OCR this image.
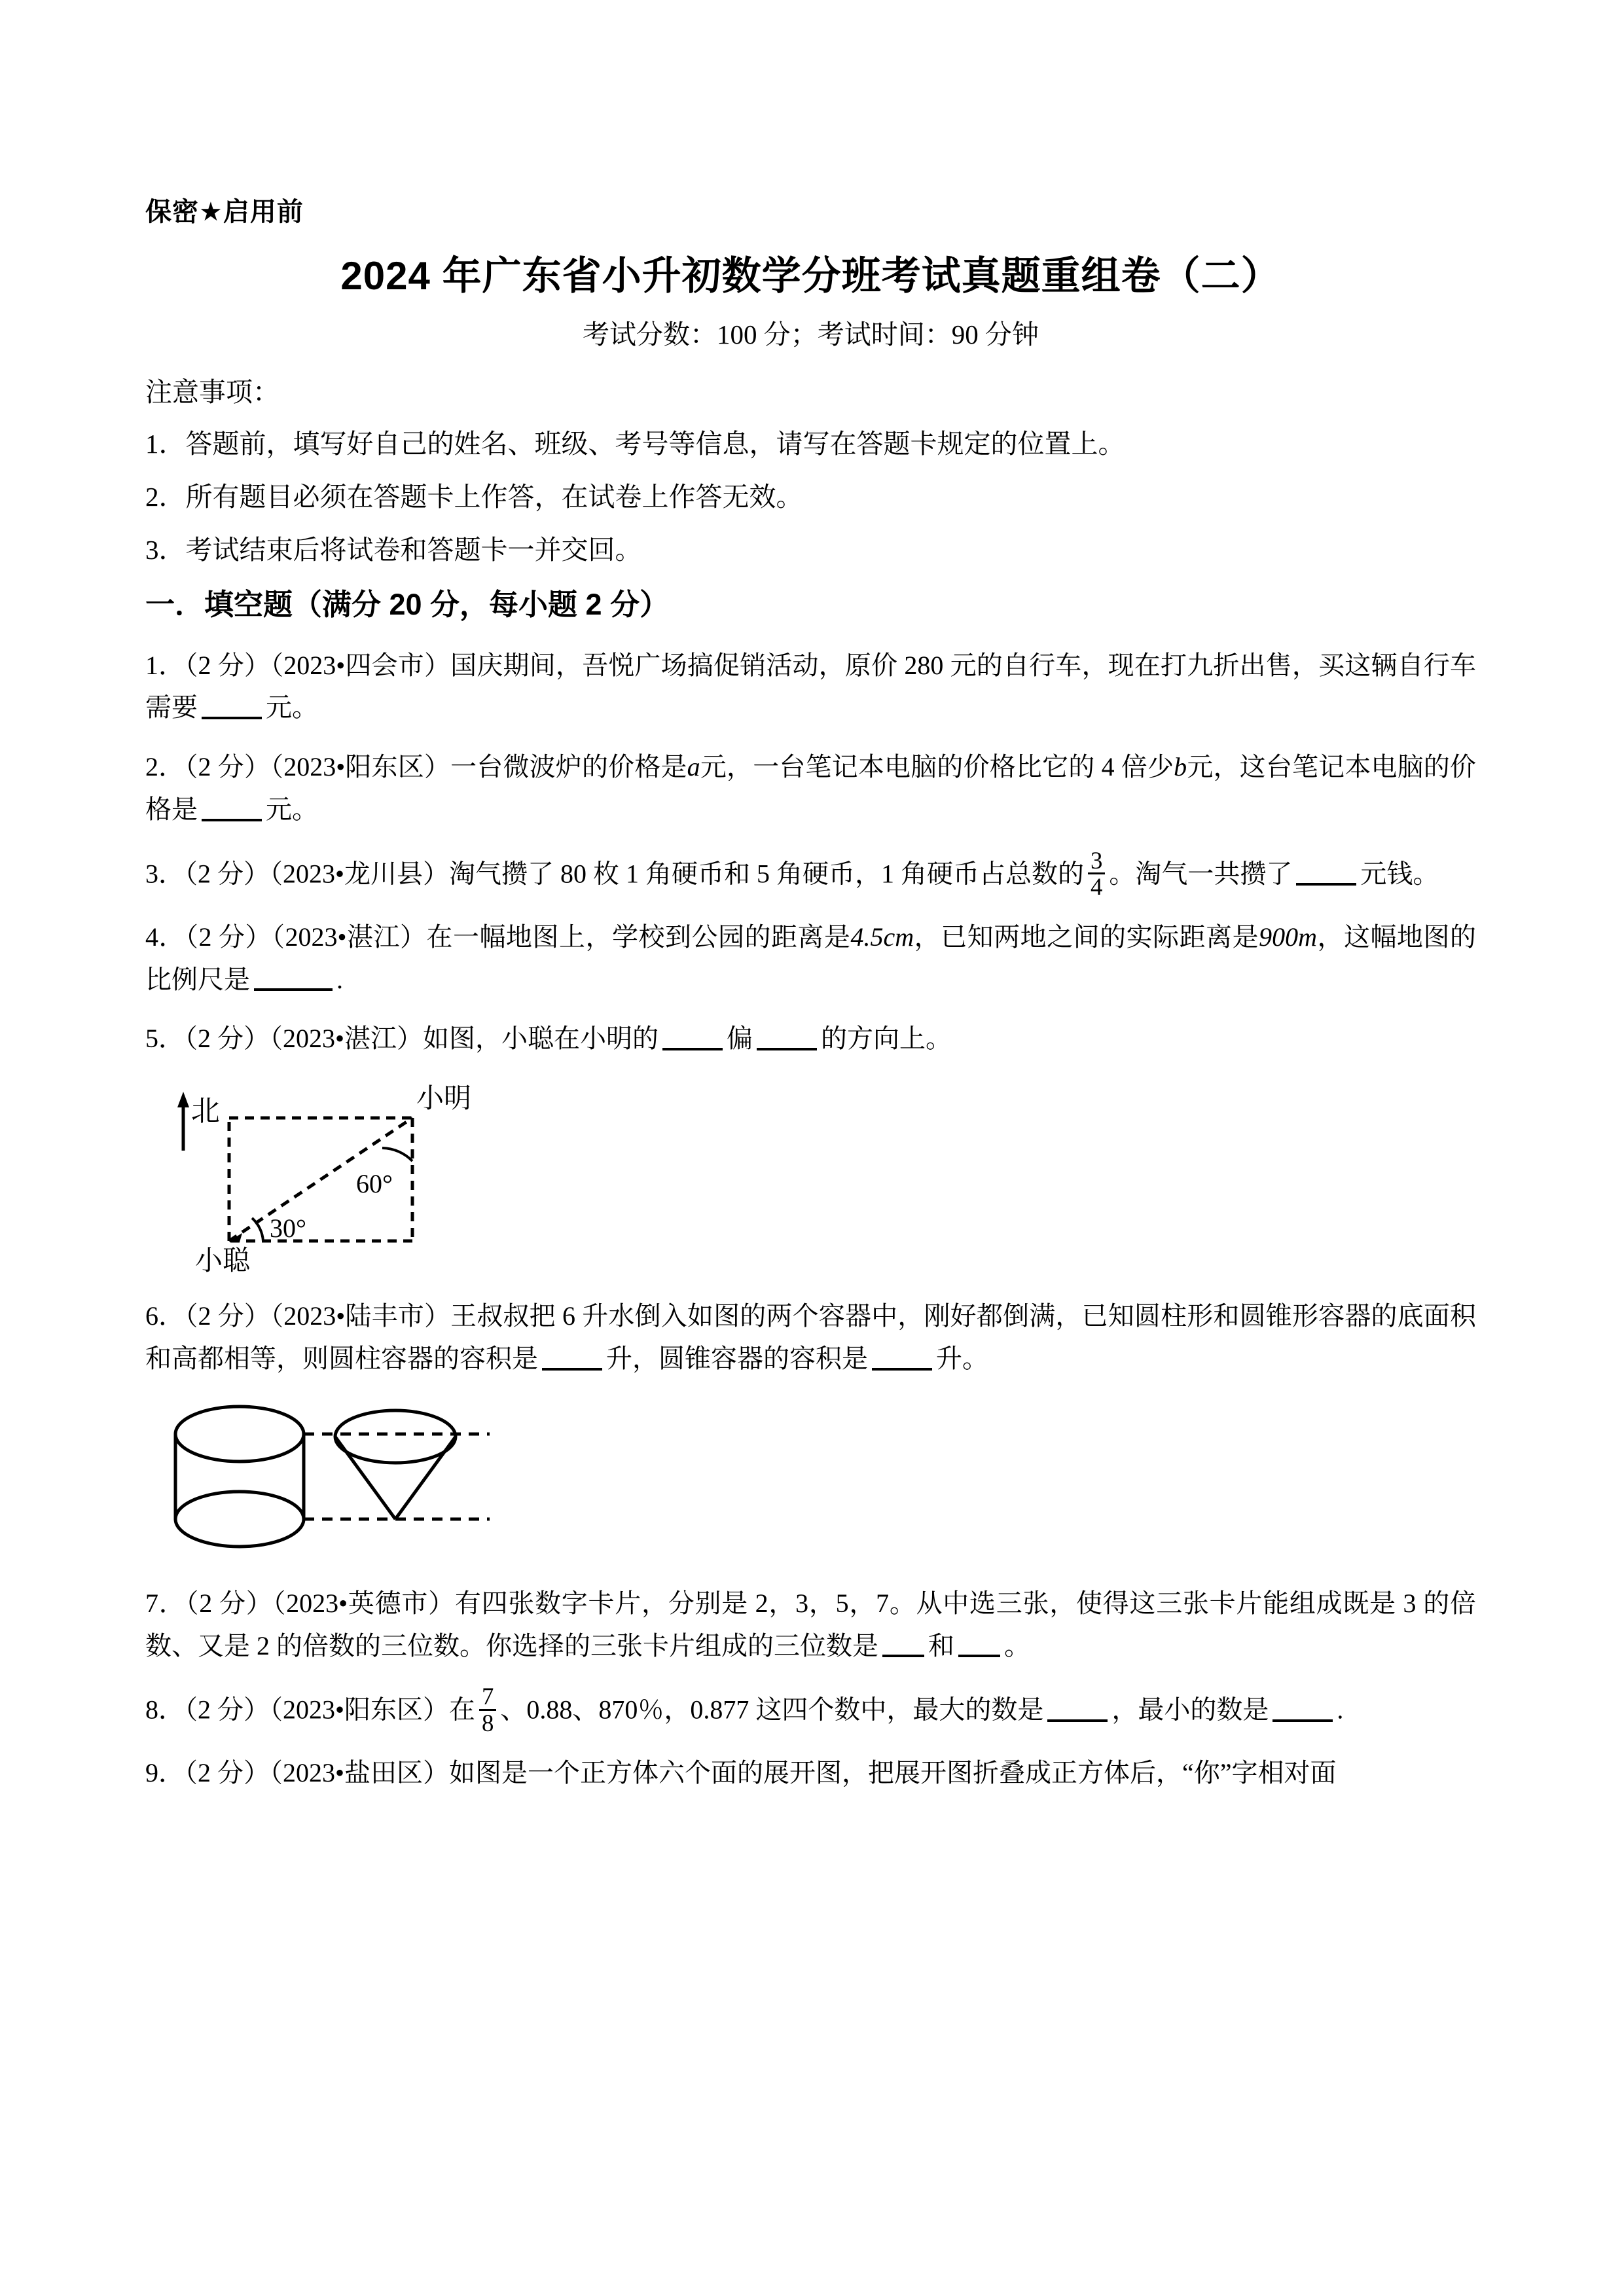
保密★启用前
2024 年广东省小升初数学分班考试真题重组卷（二）
考试分数：100 分；考试时间：90 分钟
注意事项：
1．答题前，填写好自己的姓名、班级、考号等信息，请写在答题卡规定的位置上。
2．所有题目必须在答题卡上作答，在试卷上作答无效。
3．考试结束后将试卷和答题卡一并交回。
一．填空题（满分 20 分，每小题 2 分）

1．（2 分）（2023•四会市）国庆期间，吾悦广场搞促销活动，原价 280 元的自行车，现在打九折出售，买这辆自行车需要	元。

2．（2 分）（2023•阳东区）一台微波炉的价格是a元，一台笔记本电脑的价格比它的 4 倍少b元，这台笔记本电脑的价格是	元。

3．（2 分）（2023•龙川县）淘气攒了 80 枚 1 角硬币和 5 角硬币，1 角硬币占总数的 $\frac{3}{4}$ 。淘气一共攒了	元钱。

4．（2 分）（2023•湛江）在一幅地图上，学校到公园的距离是4.5cm，已知两地之间的实际距离是900m，这幅地图的比例尺是	.

5．（2 分）（2023•湛江）如图，小聪在小明的	偏	的方向上。

北
30°
60°
小明
小聪

6．（2 分）（2023•陆丰市）王叔叔把 6 升水倒入如图的两个容器中，刚好都倒满，已知圆柱形和圆锥形容器的底面积和高都相等，则圆柱容器的容积是	升，圆锥容器的容积是	升。

7．（2 分）（2023•英德市）有四张数字卡片，分别是 2，3，5，7。从中选三张，使得这三张卡片能组成既是 3 的倍数、又是 2 的倍数的三位数。你选择的三张卡片组成的三位数是 和 。

8．（2 分）（2023•阳东区）在 $\frac{7}{8}$ 、0.88、870％，0.877 这四个数中，最大的数是	，最小的数是	.

9．（2 分）（2023•盐田区）如图是一个正方体六个面的展开图，把展开图折叠成正方体后，“你”字相对面
